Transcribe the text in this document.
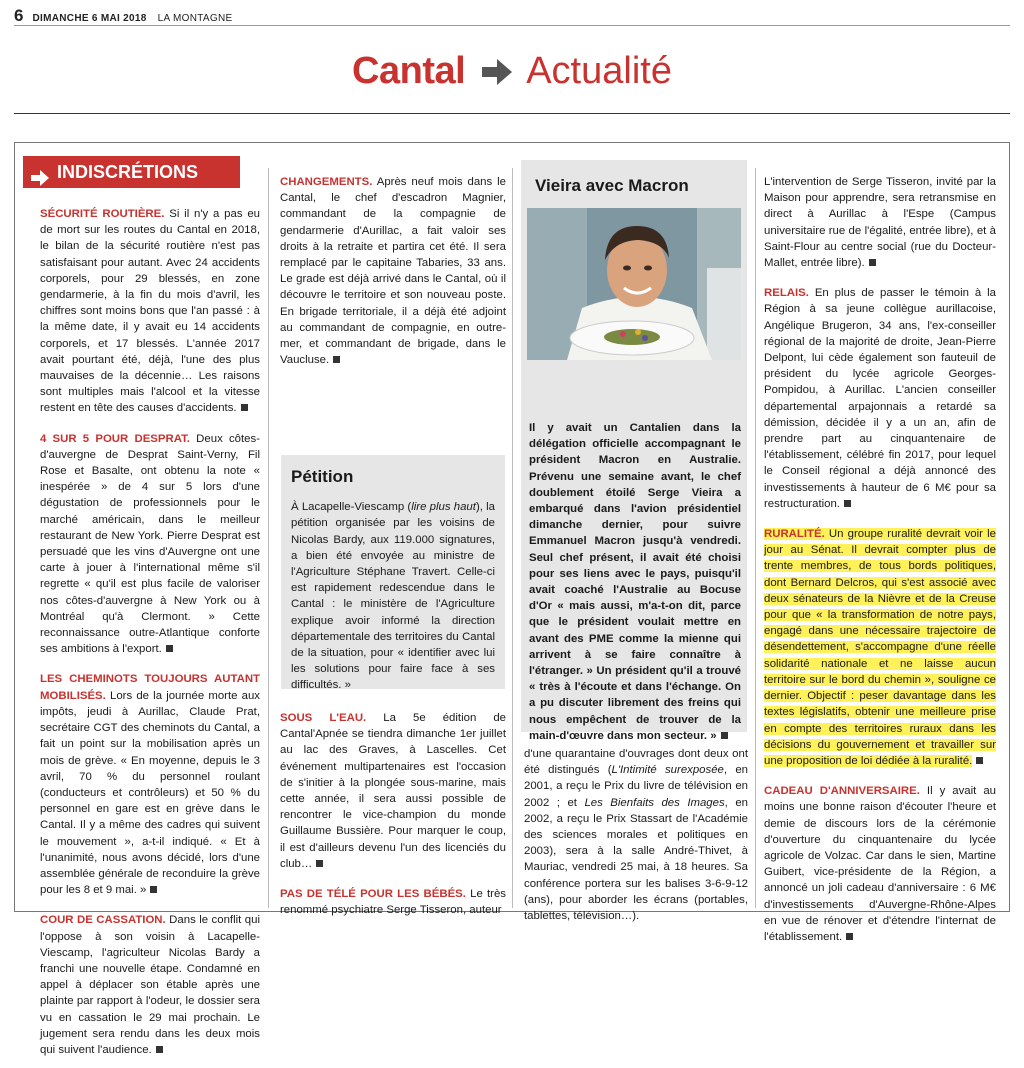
6 DIMANCHE 6 MAI 2018 LA MONTAGNE
Cantal Actualité
INDISCRÉTIONS

SÉCURITÉ ROUTIÈRE. Si il n'y a pas eu de mort sur les routes du Cantal en 2018, le bilan de la sécurité routière n'est pas satisfaisant pour autant. Avec 24 accidents corporels, pour 29 blessés, en zone gendarmerie, à la fin du mois d'avril, les chiffres sont moins bons que l'an passé : à la même date, il y avait eu 14 accidents corporels, et 17 blessés. L'année 2017 avait pourtant été, déjà, l'une des plus mauvaises de la décennie… Les raisons sont multiples mais l'alcool et la vitesse restent en tête des causes d'accidents.

4 SUR 5 POUR DESPRAT. Deux côtes-d'auvergne de Desprat Saint-Verny, Fil Rose et Basalte, ont obtenu la note « inespérée » de 4 sur 5 lors d'une dégustation de professionnels pour le marché américain, dans le meilleur restaurant de New York. Pierre Desprat est persuadé que les vins d'Auvergne ont une carte à jouer à l'international même s'il regrette « qu'il est plus facile de valoriser nos côtes-d'auvergne à New York ou à Montréal qu'à Clermont. » Cette reconnaissance outre-Atlantique conforte ses ambitions à l'export.

LES CHEMINOTS TOUJOURS AUTANT MOBILISÉS. Lors de la journée morte aux impôts, jeudi à Aurillac, Claude Prat, secrétaire CGT des cheminots du Cantal, a fait un point sur la mobilisation après un mois de grève. « En moyenne, depuis le 3 avril, 70 % du personnel roulant (conducteurs et contrôleurs) et 50 % du personnel en gare est en grève dans le Cantal. Il y a même des cadres qui suivent le mouvement », a-t-il indiqué. « Et à l'unanimité, nous avons décidé, lors d'une assemblée générale de reconduire la grève pour les 8 et 9 mai. »

COUR DE CASSATION. Dans le conflit qui l'oppose à son voisin à Lacapelle-Viescamp, l'agriculteur Nicolas Bardy a franchi une nouvelle étape. Condamné en appel à déplacer son étable après une plainte par rapport à l'odeur, le dossier sera vu en cassation le 29 mai prochain. Le jugement sera rendu dans les deux mois qui suivent l'audience.

CHANGEMENTS. Après neuf mois dans le Cantal, le chef d'escadron Magnier, commandant de la compagnie de gendarmerie d'Aurillac, a fait valoir ses droits à la retraite et partira cet été. Il sera remplacé par le capitaine Tabaries, 33 ans. Le grade est déjà arrivé dans le Cantal, où il découvre le territoire et son nouveau poste. En brigade territoriale, il a déjà été adjoint au commandant de compagnie, en outre-mer, et commandant de brigade, dans le Vaucluse.

Pétition

À Lacapelle-Viescamp (lire plus haut), la pétition organisée par les voisins de Nicolas Bardy, aux 119.000 signatures, a bien été envoyée au ministre de l'Agriculture Stéphane Travert. Celle-ci est rapidement redescendue dans le Cantal : le ministère de l'Agriculture explique avoir informé la direction départementale des territoires du Cantal de la situation, pour « identifier avec lui les solutions pour faire face à ses difficultés. »

SOUS L'EAU. La 5e édition de Cantal'Apnée se tiendra dimanche 1er juillet au lac des Graves, à Lascelles. Cet événement multipartenaires est l'occasion de s'initier à la plongée sous-marine, mais cette année, il sera aussi possible de rencontrer le vice-champion du monde Guillaume Bussière. Pour marquer le coup, il est d'ailleurs devenu l'un des licenciés du club…

PAS DE TÉLÉ POUR LES BÉBÉS. Le très renommé psychiatre Serge Tisseron, auteur

Vieira avec Macron

Il y avait un Cantalien dans la délégation officielle accompagnant le président Macron en Australie. Prévenu une semaine avant, le chef doublement étoilé Serge Vieira a embarqué dans l'avion présidentiel dimanche dernier, pour suivre Emmanuel Macron jusqu'à vendredi. Seul chef présent, il avait été choisi pour ses liens avec le pays, puisqu'il avait coaché l'Australie au Bocuse d'Or « mais aussi, m'a-t-on dit, parce que le président voulait mettre en avant des PME comme la mienne qui arrivent à se faire connaître à l'étranger. » Un président qu'il a trouvé « très à l'écoute et dans l'échange. On a pu discuter librement des freins qui nous empêchent de trouver de la main-d'œuvre dans mon secteur. »

d'une quarantaine d'ouvrages dont deux ont été distingués (L'Intimité surexposée, en 2001, a reçu le Prix du livre de télévision en 2002 ; et Les Bienfaits des Images, en 2002, a reçu le Prix Stassart de l'Académie des sciences morales et politiques en 2003), sera à la salle André-Thivet, à Mauriac, vendredi 25 mai, à 18 heures. Sa conférence portera sur les balises 3-6-9-12 (ans), pour aborder les écrans (portables, tablettes, télévision…).

L'intervention de Serge Tisseron, invité par la Maison pour apprendre, sera retransmise en direct à Aurillac à l'Espe (Campus universitaire rue de l'égalité, entrée libre), et à Saint-Flour au centre social (rue du Docteur-Mallet, entrée libre).

RELAIS. En plus de passer le témoin à la Région à sa jeune collègue aurillacoise, Angélique Brugeron, 34 ans, l'ex-conseiller régional de la majorité de droite, Jean-Pierre Delpont, lui cède également son fauteuil de président du lycée agricole Georges-Pompidou, à Aurillac. L'ancien conseiller départemental arpajonnais a retardé sa démission, décidée il y a un an, afin de prendre part au cinquantenaire de l'établissement, célébré fin 2017, pour lequel le Conseil régional a déjà annoncé des investissements à hauteur de 6 M€ pour sa restructuration.

RURALITÉ. Un groupe ruralité devrait voir le jour au Sénat. Il devrait compter plus de trente membres, de tous bords politiques, dont Bernard Delcros, qui s'est associé avec deux sénateurs de la Nièvre et de la Creuse pour que « la transformation de notre pays, engagé dans une nécessaire trajectoire de désendettement, s'accompagne d'une réelle solidarité nationale et ne laisse aucun territoire sur le bord du chemin », souligne ce dernier. Objectif : peser davantage dans les textes législatifs, obtenir une meilleure prise en compte des territoires ruraux dans les décisions du gouvernement et travailler sur une proposition de loi dédiée à la ruralité.

CADEAU D'ANNIVERSAIRE. Il y avait au moins une bonne raison d'écouter l'heure et demie de discours lors de la cérémonie d'ouverture du cinquantenaire du lycée agricole de Volzac. Car dans le sien, Martine Guibert, vice-présidente de la Région, a annoncé un joli cadeau d'anniversaire : 6 M€ d'investissements d'Auvergne-Rhône-Alpes en vue de rénover et d'étendre l'internat de l'établissement.
